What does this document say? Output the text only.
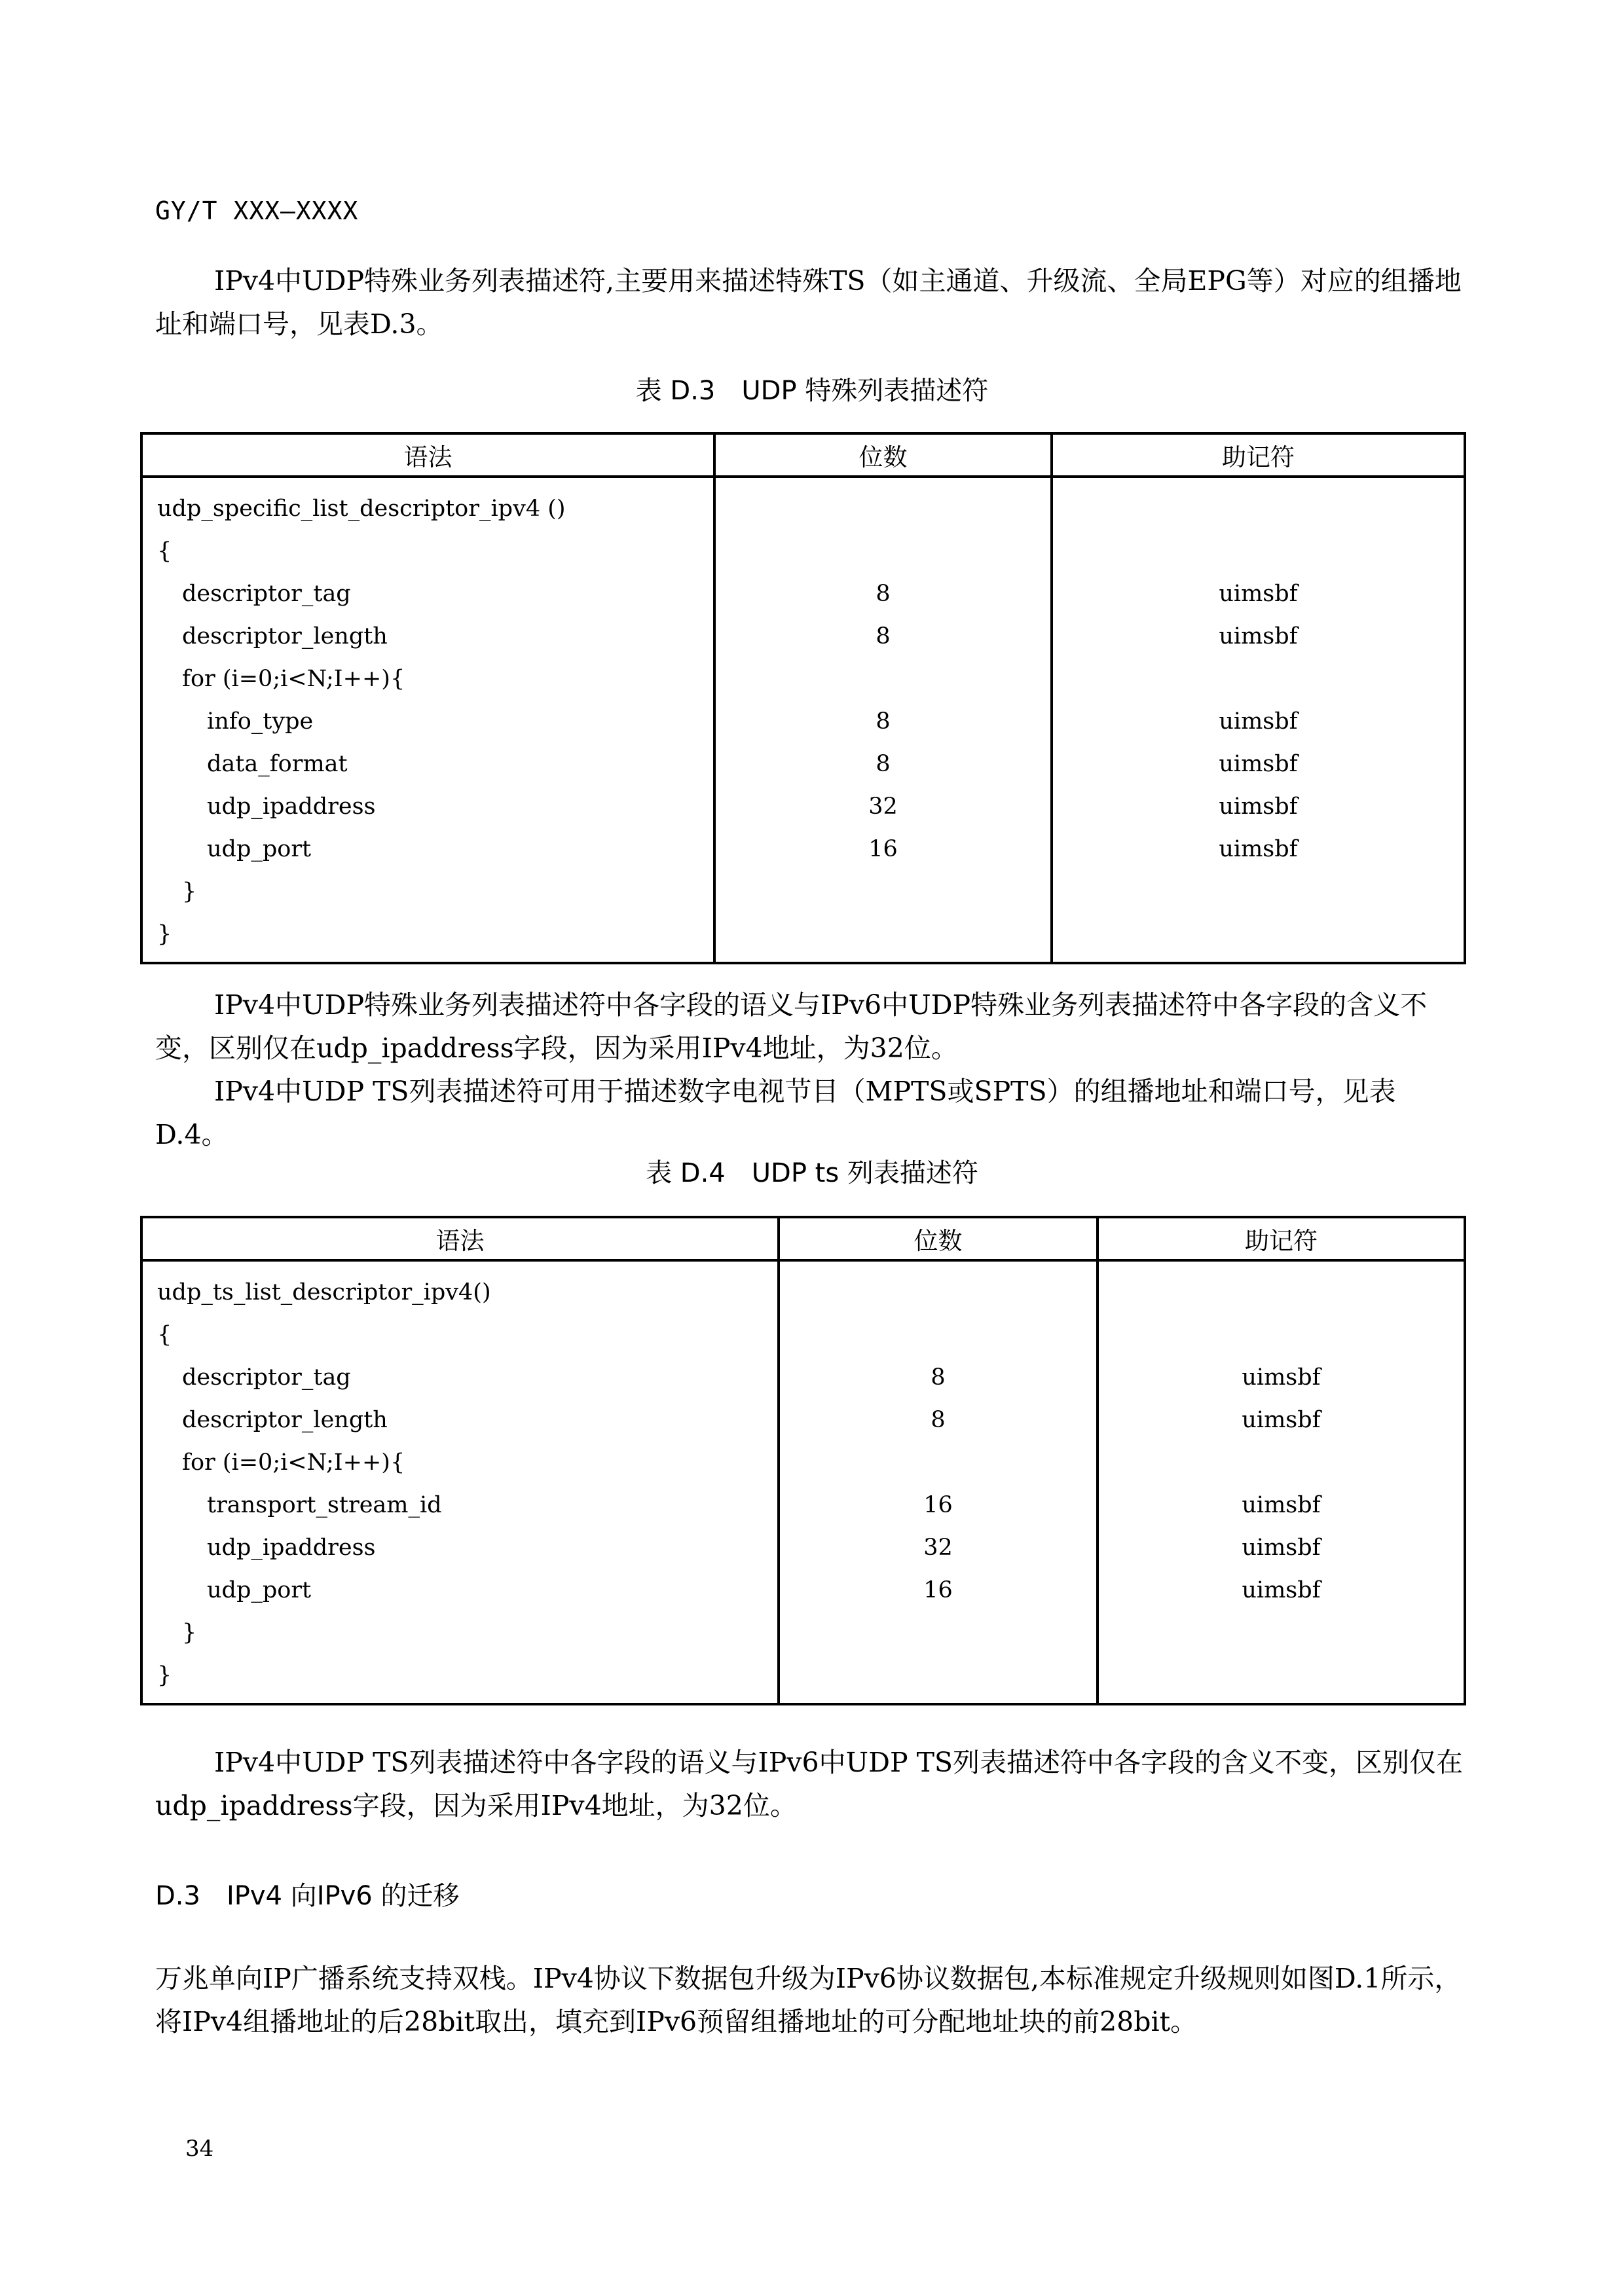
GY/T XXX—XXXX
IPv4中UDP特殊业务列表描述符,主要用来描述特殊TS（如主通道、升级流、全局EPG等）对应的组播地址和端口号，见表D.3。
表 D.3　UDP 特殊列表描述符
语法	位数	助记符
udp_specific_list_descriptor_ipv4 ()		
{		
descriptor_tag	8	uimsbf
descriptor_length	8	uimsbf
for (i=0;i<N;I++){		
info_type	8	uimsbf
data_format	8	uimsbf
udp_ipaddress	32	uimsbf
udp_port	16	uimsbf
}		
}		
IPv4中UDP特殊业务列表描述符中各字段的语义与IPv6中UDP特殊业务列表描述符中各字段的含义不变，区别仅在udp_ipaddress字段，因为采用IPv4地址，为32位。
IPv4中UDP TS列表描述符可用于描述数字电视节目（MPTS或SPTS）的组播地址和端口号，见表D.4。
表 D.4　UDP ts 列表描述符
语法	位数	助记符
udp_ts_list_descriptor_ipv4()		
{		
descriptor_tag	8	uimsbf
descriptor_length	8	uimsbf
for (i=0;i<N;I++){		
transport_stream_id	16	uimsbf
udp_ipaddress	32	uimsbf
udp_port	16	uimsbf
}		
}		
IPv4中UDP TS列表描述符中各字段的语义与IPv6中UDP TS列表描述符中各字段的含义不变，区别仅在udp_ipaddress字段，因为采用IPv4地址，为32位。
D.3　IPv4 向IPv6 的迁移
万兆单向IP广播系统支持双栈。IPv4协议下数据包升级为IPv6协议数据包,本标准规定升级规则如图D.1所示，将IPv4组播地址的后28bit取出，填充到IPv6预留组播地址的可分配地址块的前28bit。
34
